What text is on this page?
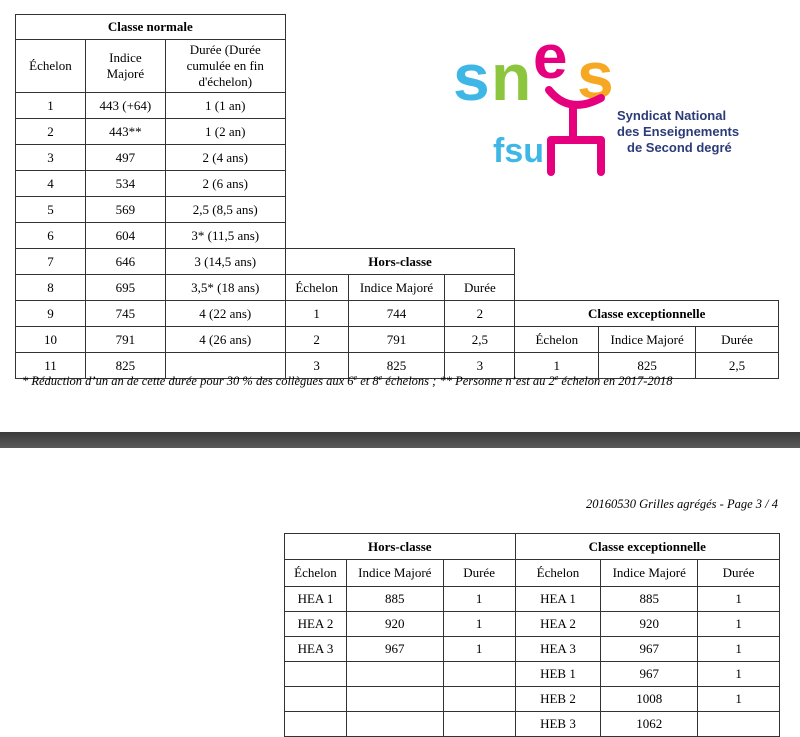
Classe normale								
Échelon	Indice Majoré	Durée (Durée cumulée en fin d'échelon)						
1	443 (+64)	1 (1 an)						
2	443**	1 (2 an)						
3	497	2 (4 ans)						
4	534	2 (6 ans)						
5	569	2,5 (8,5 ans)						
6	604	3* (11,5 ans)						
7	646	3 (14,5 ans)	Hors-classe					
8	695	3,5* (18 ans)	Échelon	Indice Majoré	Durée			
9	745	4 (22 ans)	1	744	2	Classe exceptionnelle		
10	791	4 (26 ans)	2	791	2,5	Échelon	Indice Majoré	Durée
11	825		3	825	3	1	825	2,5
s n e s
fsu
Syndicat National
des Enseignements
de Second degré
* Réduction d’un an de cette durée pour 30 % des collègues aux 6e et 8e échelons ; ** Personne n’est au 2e échelon en 2017-2018
20160530 Grilles agrégés - Page 3 / 4
Hors-classe			Classe exceptionnelle		
Échelon	Indice Majoré	Durée	Échelon	Indice Majoré	Durée
HEA 1	885	1	HEA 1	885	1
HEA 2	920	1	HEA 2	920	1
HEA 3	967	1	HEA 3	967	1
			HEB 1	967	1
			HEB 2	1008	1
			HEB 3	1062	
